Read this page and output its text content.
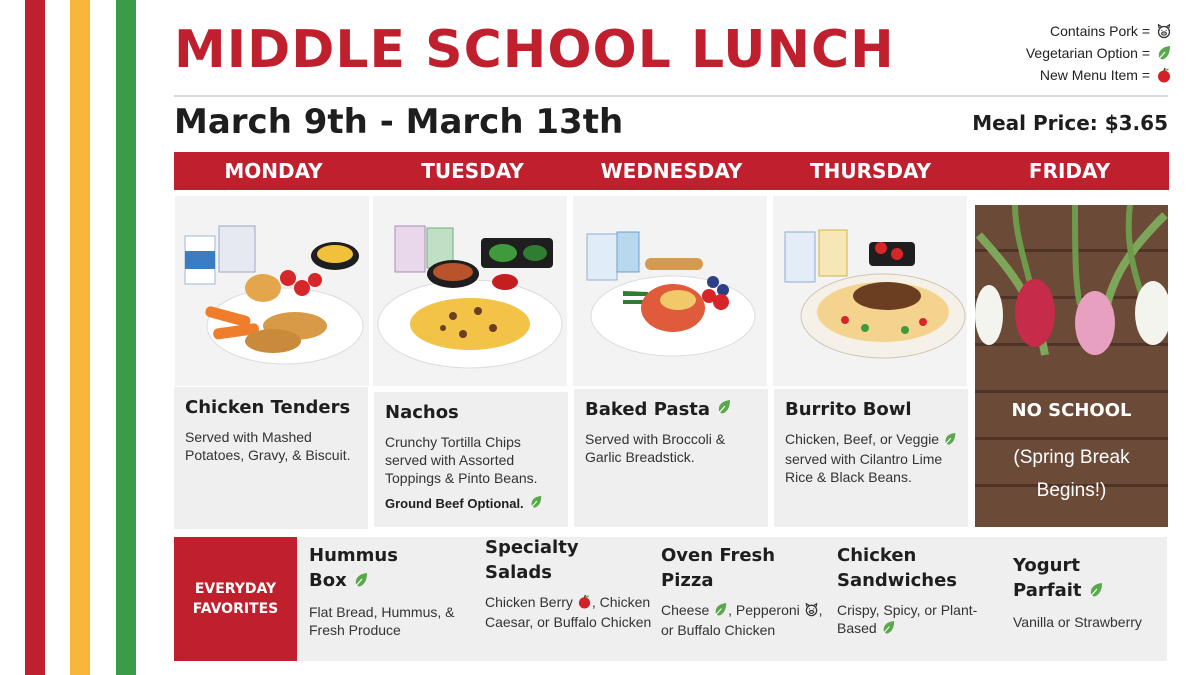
MIDDLE SCHOOL LUNCH	Contains Pork =
Vegetarian Option =
New Menu Item =
March 9th - March 13th	Meal Price: $3.65
MONDAY	TUESDAY	WEDNESDAY	THURSDAY	FRIDAY
Chicken Tenders

Served with Mashed Potatoes, Gravy, & Biscuit.

Nachos

Crunchy Tortilla Chips served with Assorted Toppings & Pinto Beans.

Ground Beef Optional.
Baked Pasta

Served with Broccoli & Garlic Breadstick.

Burrito Bowl

Chicken, Beef, or Veggie  served with Cilantro Lime Rice & Black Beans.

NO SCHOOL
(Spring Break
Begins!)
EVERYDAY
FAVORITES
Hummus
Box

Flat Bread, Hummus, & Fresh Produce

Specialty
Salads

Chicken Berry , Chicken Caesar, or Buffalo Chicken

Oven Fresh
Pizza

Cheese , Pepperoni , or Buffalo Chicken

Chicken
Sandwiches

Crispy, Spicy, or Plant-Based

Yogurt
Parfait

Vanilla or Strawberry
